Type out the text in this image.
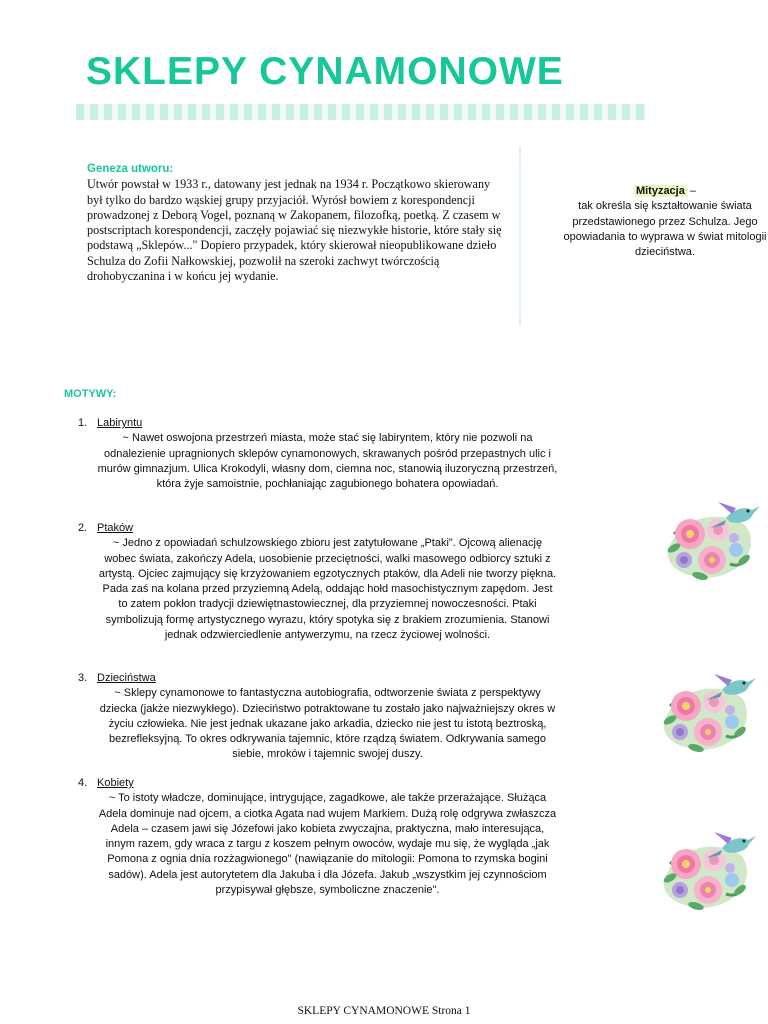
SKLEPY CYNAMONOWE
Geneza utworu:
Utwór powstał w 1933 r., datowany jest jednak na 1934 r. Początkowo skierowany był tylko do bardzo wąskiej grupy przyjaciół. Wyrósł bowiem z korespondencji prowadzonej z Deborą Vogel, poznaną w Zakopanem, filozofką, poetką. Z czasem w postscriptach korespondencji, zaczęły pojawiać się niezwykłe historie, które stały się podstawą „Sklepów..." Dopiero przypadek, który skierował nieopublikowane dzieło Schulza do Zofii Nałkowskiej, pozwolił na szeroki zachwyt twórczością drohobyczanina i w końcu jej wydanie.
Mityzacja –
tak określa się kształtowanie świata przedstawionego przez Schulza. Jego opowiadania to wyprawa w świat mitologii dzieciństwa.
MOTYWY:
1. Labiryntu
~ Nawet oswojona przestrzeń miasta, może stać się labiryntem, który nie pozwoli na odnalezienie upragnionych sklepów cynamonowych, skrawanych pośród przepastnych ulic i murów gimnazjum. Ulica Krokodyli, własny dom, ciemna noc, stanowią iluzoryczną przestrzeń, która żyje samoistnie, pochłaniając zagubionego bohatera opowiadań.
2. Ptaków
~ Jedno z opowiadań schulzowskiego zbioru jest zatytułowane „Ptaki". Ojcową alienację wobec świata, zakończy Adela, uosobienie przeciętności, walki masowego odbiorcy sztuki z artystą. Ojciec zajmujący się krzyżowaniem egzotycznych ptaków, dla Adeli nie tworzy piękna. Pada zaś na kolana przed przyziemną Adelą, oddając hołd masochistycznym zapędom. Jest to zatem pokłon tradycji dziewiętnastowiecznej, dla przyziemnej nowoczesności. Ptaki symbolizują formę artystycznego wyrazu, który spotyka się z brakiem zrozumienia. Stanowi jednak odzwierciedlenie antywerzymu, na rzecz życiowej wolności.
3. Dzieciństwa
~ Sklepy cynamonowe to fantastyczna autobiografia, odtworzenie świata z perspektywy dziecka (jakże niezwykłego). Dzieciństwo potraktowane tu zostało jako najważniejszy okres w życiu człowieka. Nie jest jednak ukazane jako arkadia, dziecko nie jest tu istotą beztroską, bezrefleksyjną. To okres odkrywania tajemnic, które rządzą światem. Odkrywania samego siebie, mroków i tajemnic swojej duszy.
4. Kobiety
~ To istoty władcze, dominujące, intrygujące, zagadkowe, ale także przerażające. Służąca Adela dominuje nad ojcem, a ciotka Agata nad wujem Markiem. Dużą rolę odgrywa zwłaszcza Adela – czasem jawi się Józefowi jako kobieta zwyczajna, praktyczna, mało interesująca, innym razem, gdy wraca z targu z koszem pełnym owoców, wydaje mu się, że wygląda „jak Pomona z ognia dnia rozżagwionego" (nawiązanie do mitologii: Pomona to rzymska bogini sadów). Adela jest autorytetem dla Jakuba i dla Józefa. Jakub „wszystkim jej czynnościom przypisywał głębsze, symboliczne znaczenie".
SKLEPY CYNAMONOWE Strona 1
